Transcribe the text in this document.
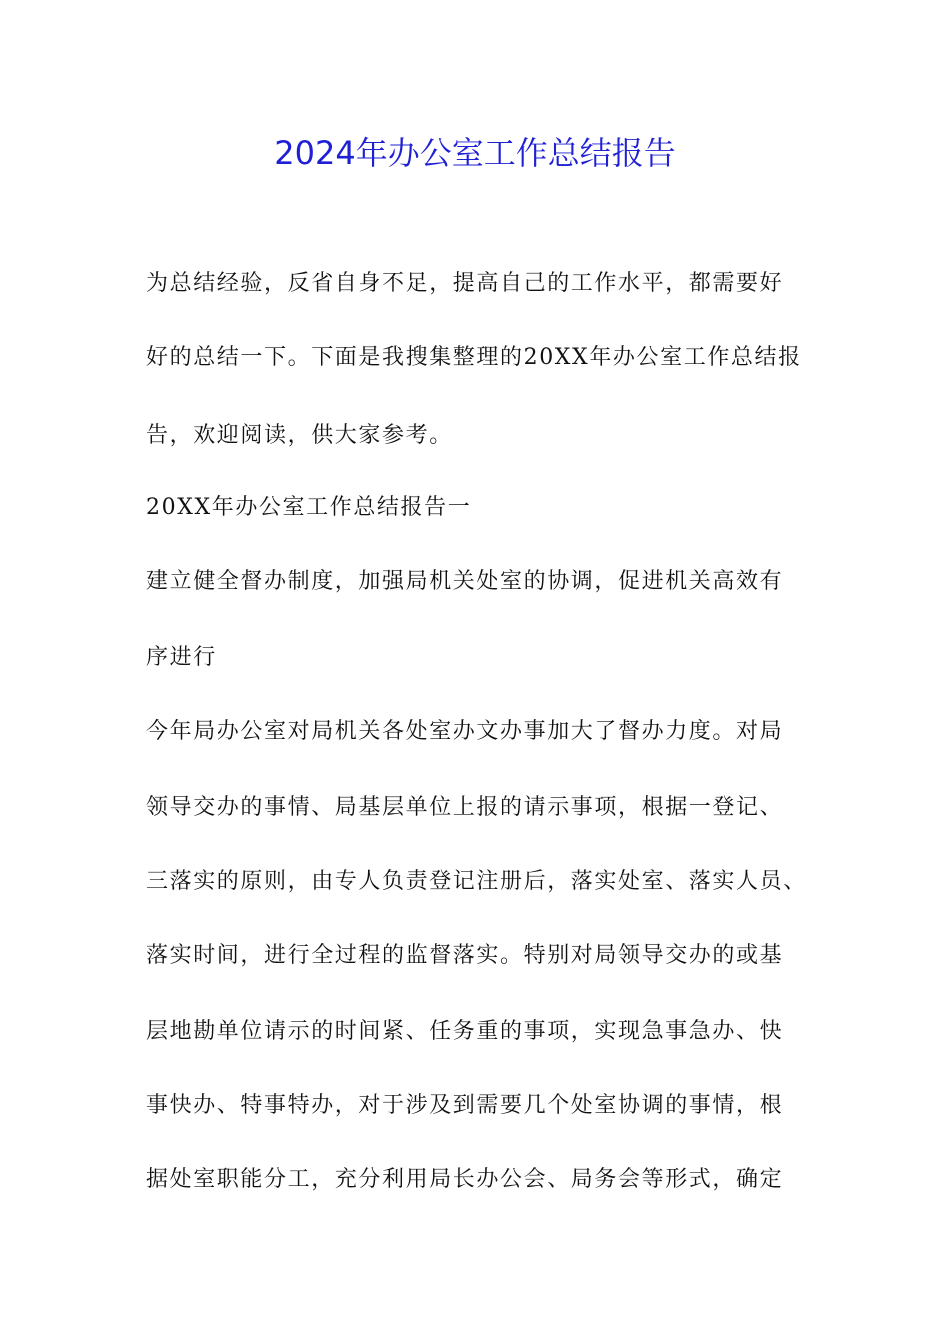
2024年办公室工作总结报告
为总结经验，反省自身不足，提高自己的工作水平，都需要好
好的总结一下。下面是我搜集整理的20XX年办公室工作总结报
告，欢迎阅读，供大家参考。
20XX年办公室工作总结报告一
建立健全督办制度，加强局机关处室的协调，促进机关高效有
序进行
今年局办公室对局机关各处室办文办事加大了督办力度。对局
领导交办的事情、局基层单位上报的请示事项，根据一登记、
三落实的原则，由专人负责登记注册后，落实处室、落实人员、
落实时间，进行全过程的监督落实。特别对局领导交办的或基
层地勘单位请示的时间紧、任务重的事项，实现急事急办、快
事快办、特事特办，对于涉及到需要几个处室协调的事情，根
据处室职能分工，充分利用局长办公会、局务会等形式，确定
